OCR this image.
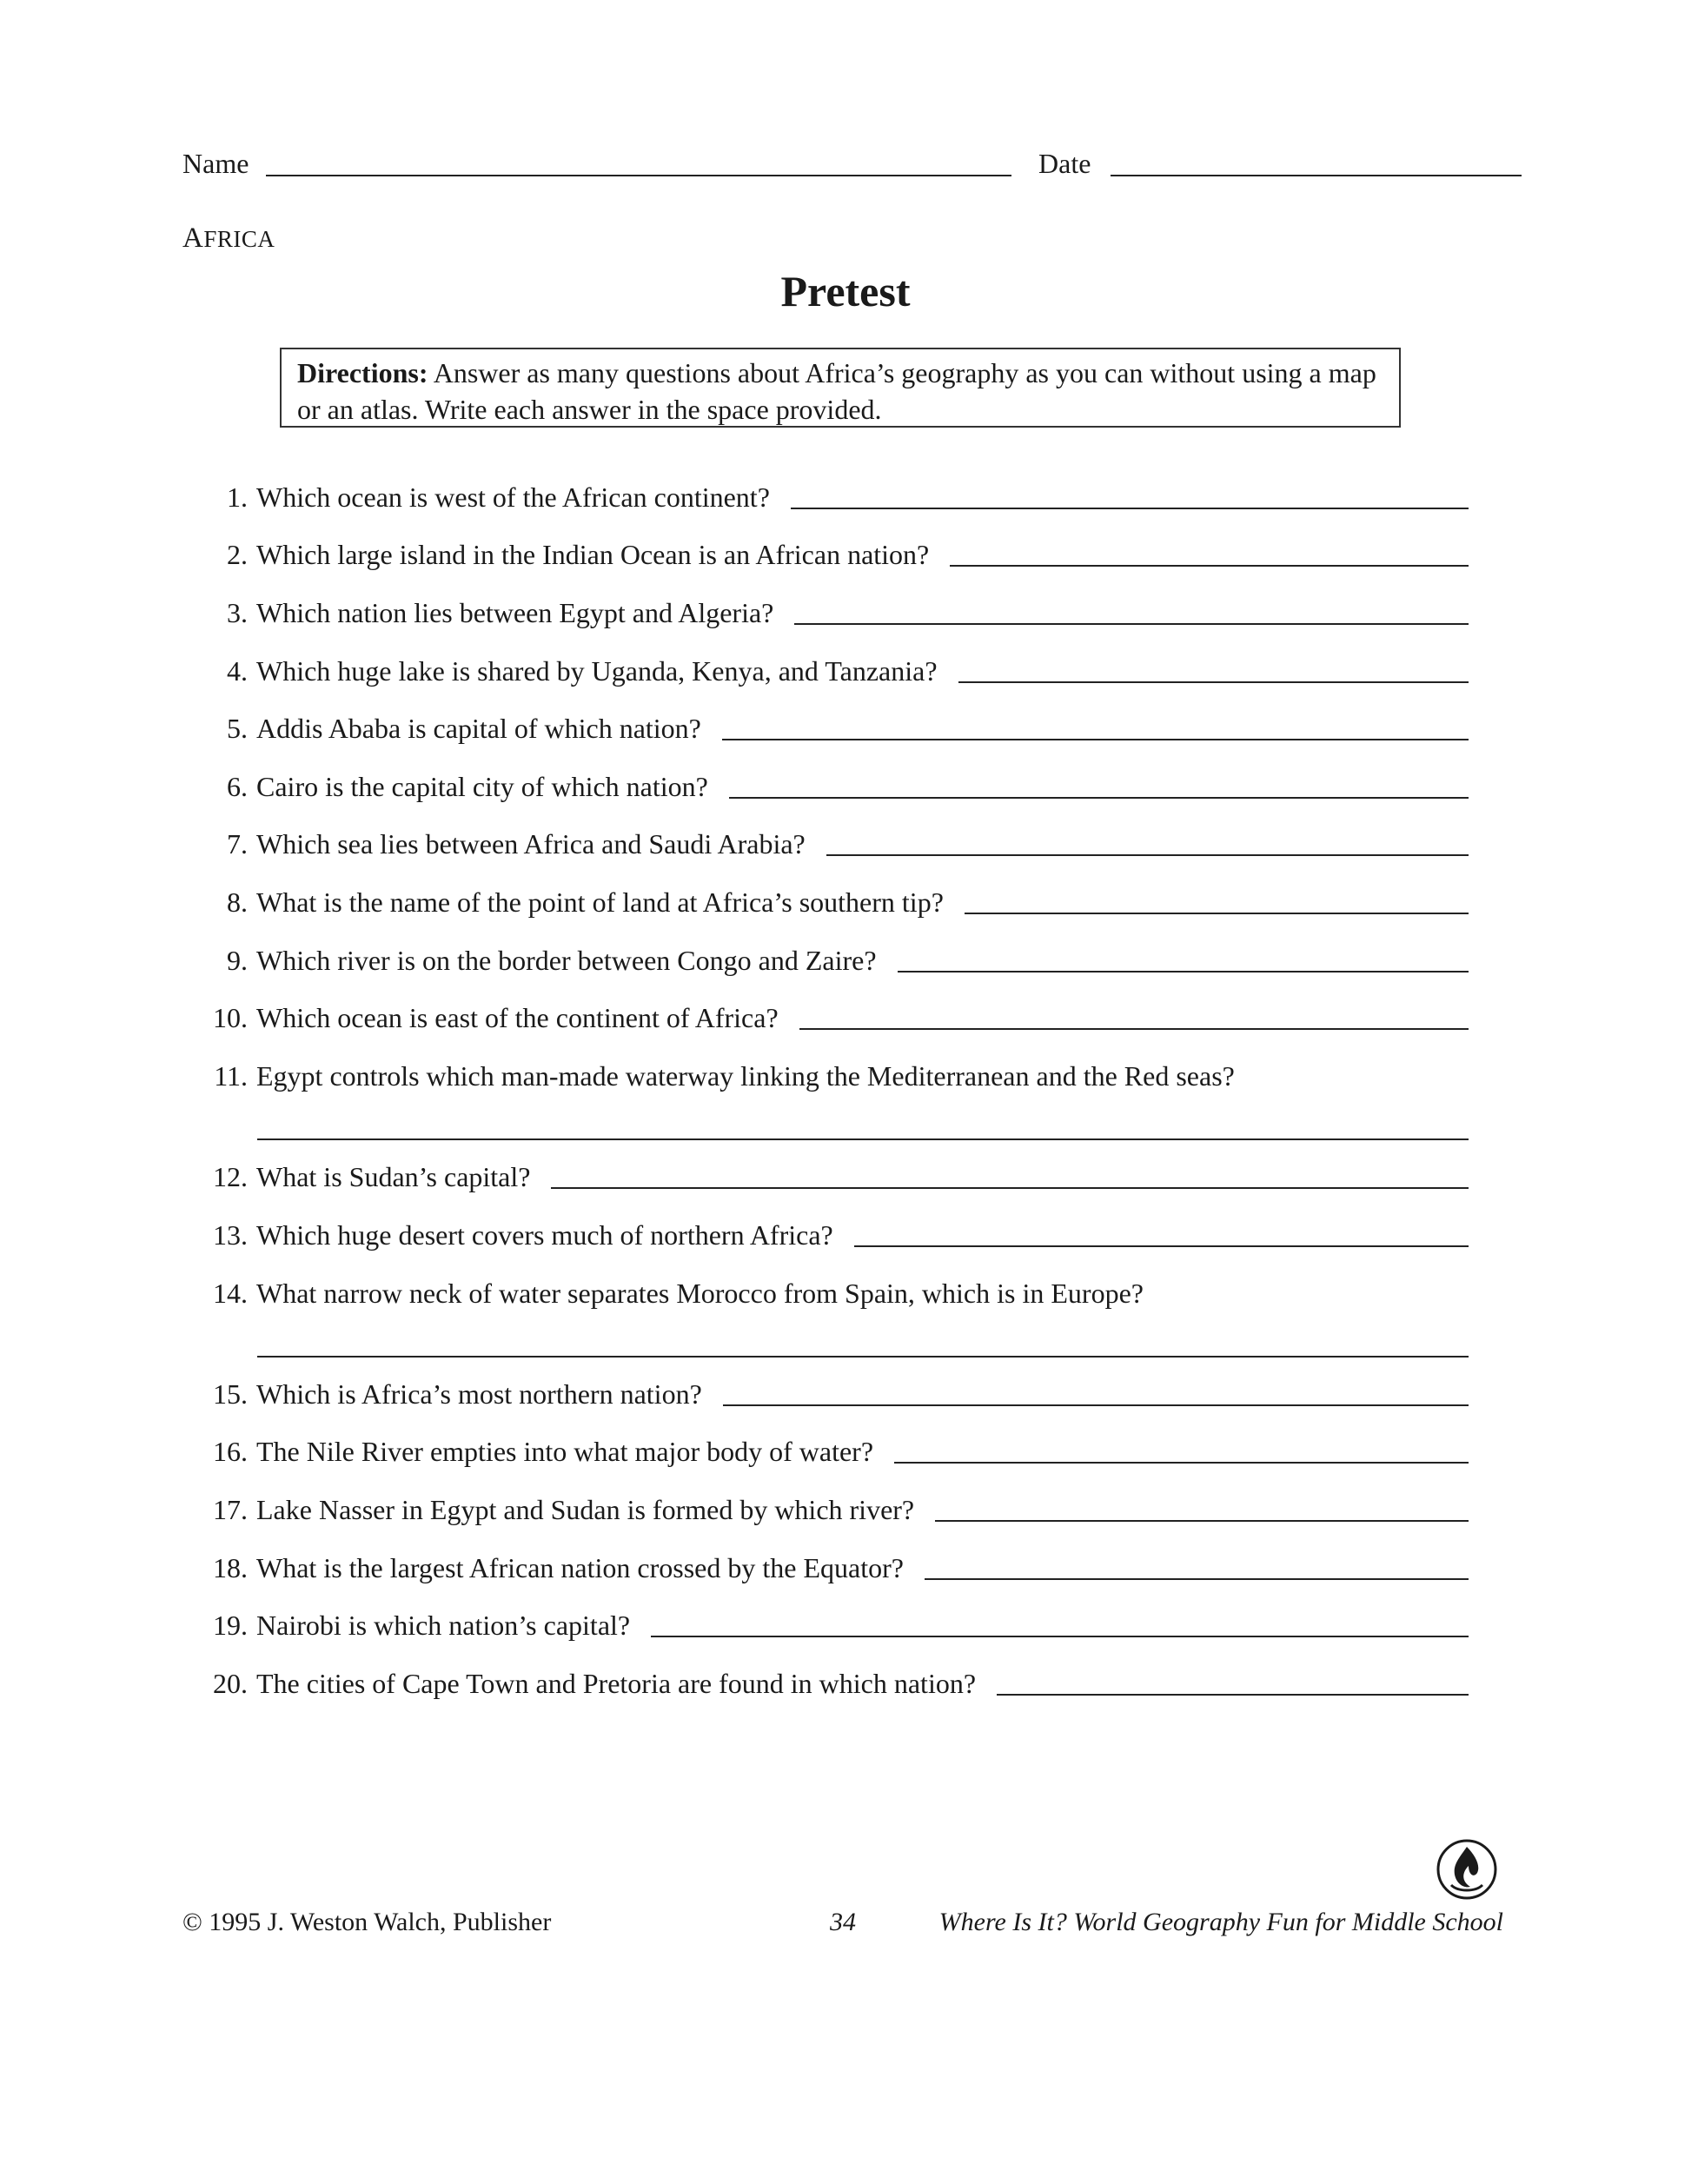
Name	Date
AFRICA
Pretest
Directions: Answer as many questions about Africa’s geography as you can without using a map or an atlas. Write each answer in the space provided.
1. Which ocean is west of the African continent?
2. Which large island in the Indian Ocean is an African nation?
3. Which nation lies between Egypt and Algeria?
4. Which huge lake is shared by Uganda, Kenya, and Tanzania?
5. Addis Ababa is capital of which nation?
6. Cairo is the capital city of which nation?
7. Which sea lies between Africa and Saudi Arabia?
8. What is the name of the point of land at Africa’s southern tip?
9. Which river is on the border between Congo and Zaire?
10. Which ocean is east of the continent of Africa?
11. Egypt controls which man-made waterway linking the Mediterranean and the Red seas?
12. What is Sudan’s capital?
13. Which huge desert covers much of northern Africa?
14. What narrow neck of water separates Morocco from Spain, which is in Europe?
15. Which is Africa’s most northern nation?
16. The Nile River empties into what major body of water?
17. Lake Nasser in Egypt and Sudan is formed by which river?
18. What is the largest African nation crossed by the Equator?
19. Nairobi is which nation’s capital?
20. The cities of Cape Town and Pretoria are found in which nation?
© 1995 J. Weston Walch, Publisher	34	Where Is It? World Geography Fun for Middle School
